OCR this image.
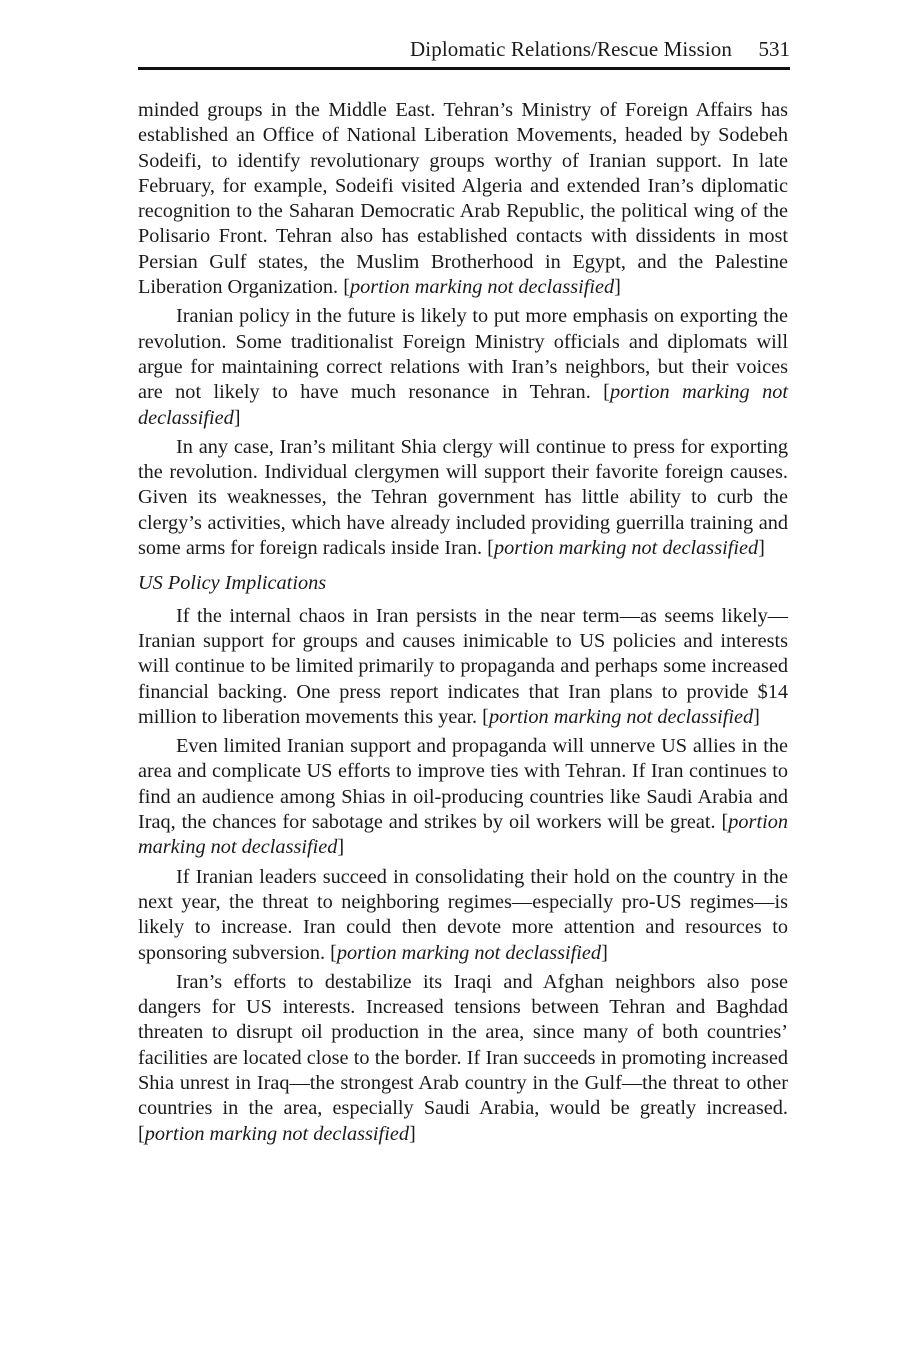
Diplomatic Relations/Rescue Mission 531

minded groups in the Middle East. Tehran’s Ministry of Foreign Affairs has established an Office of National Liberation Movements, headed by Sodebeh Sodeifi, to identify revolutionary groups worthy of Iranian support. In late February, for example, Sodeifi visited Algeria and extended Iran’s diplomatic recognition to the Saharan Democratic Arab Republic, the political wing of the Polisario Front. Tehran also has established contacts with dissidents in most Persian Gulf states, the Muslim Brotherhood in Egypt, and the Palestine Liberation Organization. [portion marking not declassified]

Iranian policy in the future is likely to put more emphasis on exporting the revolution. Some traditionalist Foreign Ministry officials and diplomats will argue for maintaining correct relations with Iran’s neighbors, but their voices are not likely to have much resonance in Tehran. [portion marking not declassified]

In any case, Iran’s militant Shia clergy will continue to press for exporting the revolution. Individual clergymen will support their favorite foreign causes. Given its weaknesses, the Tehran government has little ability to curb the clergy’s activities, which have already included providing guerrilla training and some arms for foreign radicals inside Iran. [portion marking not declassified]

US Policy Implications

If the internal chaos in Iran persists in the near term—as seems likely—Iranian support for groups and causes inimicable to US policies and interests will continue to be limited primarily to propaganda and perhaps some increased financial backing. One press report indicates that Iran plans to provide $14 million to liberation movements this year. [portion marking not declassified]

Even limited Iranian support and propaganda will unnerve US allies in the area and complicate US efforts to improve ties with Tehran. If Iran continues to find an audience among Shias in oil-producing countries like Saudi Arabia and Iraq, the chances for sabotage and strikes by oil workers will be great. [portion marking not declassified]

If Iranian leaders succeed in consolidating their hold on the country in the next year, the threat to neighboring regimes—especially pro-US regimes—is likely to increase. Iran could then devote more attention and resources to sponsoring subversion. [portion marking not declassified]

Iran’s efforts to destabilize its Iraqi and Afghan neighbors also pose dangers for US interests. Increased tensions between Tehran and Baghdad threaten to disrupt oil production in the area, since many of both countries’ facilities are located close to the border. If Iran succeeds in promoting increased Shia unrest in Iraq—the strongest Arab country in the Gulf—the threat to other countries in the area, especially Saudi Arabia, would be greatly increased. [portion marking not declassified]
